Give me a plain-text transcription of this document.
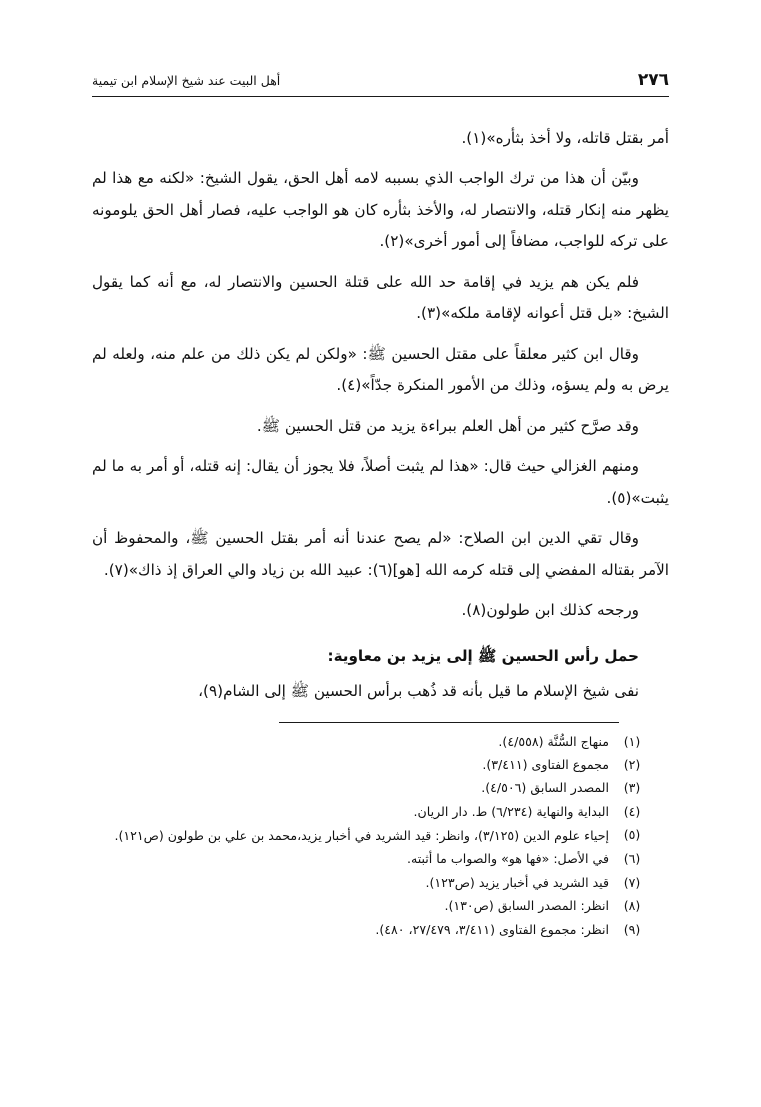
٢٧٦
أهل البيت عند شيخ الإسلام ابن تيمية

أمر بقتل قاتله، ولا أخذ بثأره»(١).

وبيّن أن هذا من ترك الواجب الذي بسببه لامه أهل الحق، يقول الشيخ: «لكنه مع هذا لم يظهر منه إنكار قتله، والانتصار له، والأخذ بثأره كان هو الواجب عليه، فصار أهل الحق يلومونه على تركه للواجب، مضافاً إلى أمور أخرى»(٢).

فلم يكن هم يزيد في إقامة حد الله على قتلة الحسين والانتصار له، مع أنه كما يقول الشيخ: «بل قتل أعوانه لإقامة ملكه»(٣).

وقال ابن كثير معلقاً على مقتل الحسين ﷺ: «ولكن لم يكن ذلك من علم منه، ولعله لم يرض به ولم يسؤه، وذلك من الأمور المنكرة جدّاً»(٤).

وقد صرَّح كثير من أهل العلم ببراءة يزيد من قتل الحسين ﷺ.

ومنهم الغزالي حيث قال: «هذا لم يثبت أصلاً، فلا يجوز أن يقال: إنه قتله، أو أمر به ما لم يثبت»(٥).

وقال تقي الدين ابن الصلاح: «لم يصح عندنا أنه أمر بقتل الحسين ﷺ، والمحفوظ أن الآمر بقتاله المفضي إلى قتله كرمه الله [هو](٦): عبيد الله بن زياد والي العراق إذ ذاك»(٧).

ورجحه كذلك ابن طولون(٨).

حمل رأس الحسين ﷺ إلى يزيد بن معاوية:

نفى شيخ الإسلام ما قيل بأنه قد ذُهب برأس الحسين ﷺ إلى الشام(٩)،

(١)
منهاج السُّنَّة (٤/٥٥٨).
(٢)
مجموع الفتاوى (٣/٤١١).
(٣)
المصدر السابق (٤/٥٠٦).
(٤)
البداية والنهاية (٦/٢٣٤) ط. دار الريان.
(٥)
إحياء علوم الدين (٣/١٢٥)، وانظر: قيد الشريد في أخبار يزيد،محمد بن علي بن طولون (ص١٢١).
(٦)
في الأصل: «فها هو» والصواب ما أثبته.
(٧)
قيد الشريد في أخبار يزيد (ص١٢٣).
(٨)
انظر: المصدر السابق (ص١٣٠).
(٩)
انظر: مجموع الفتاوى (٣/٤١١، ٢٧/٤٧٩، ٤٨٠).
